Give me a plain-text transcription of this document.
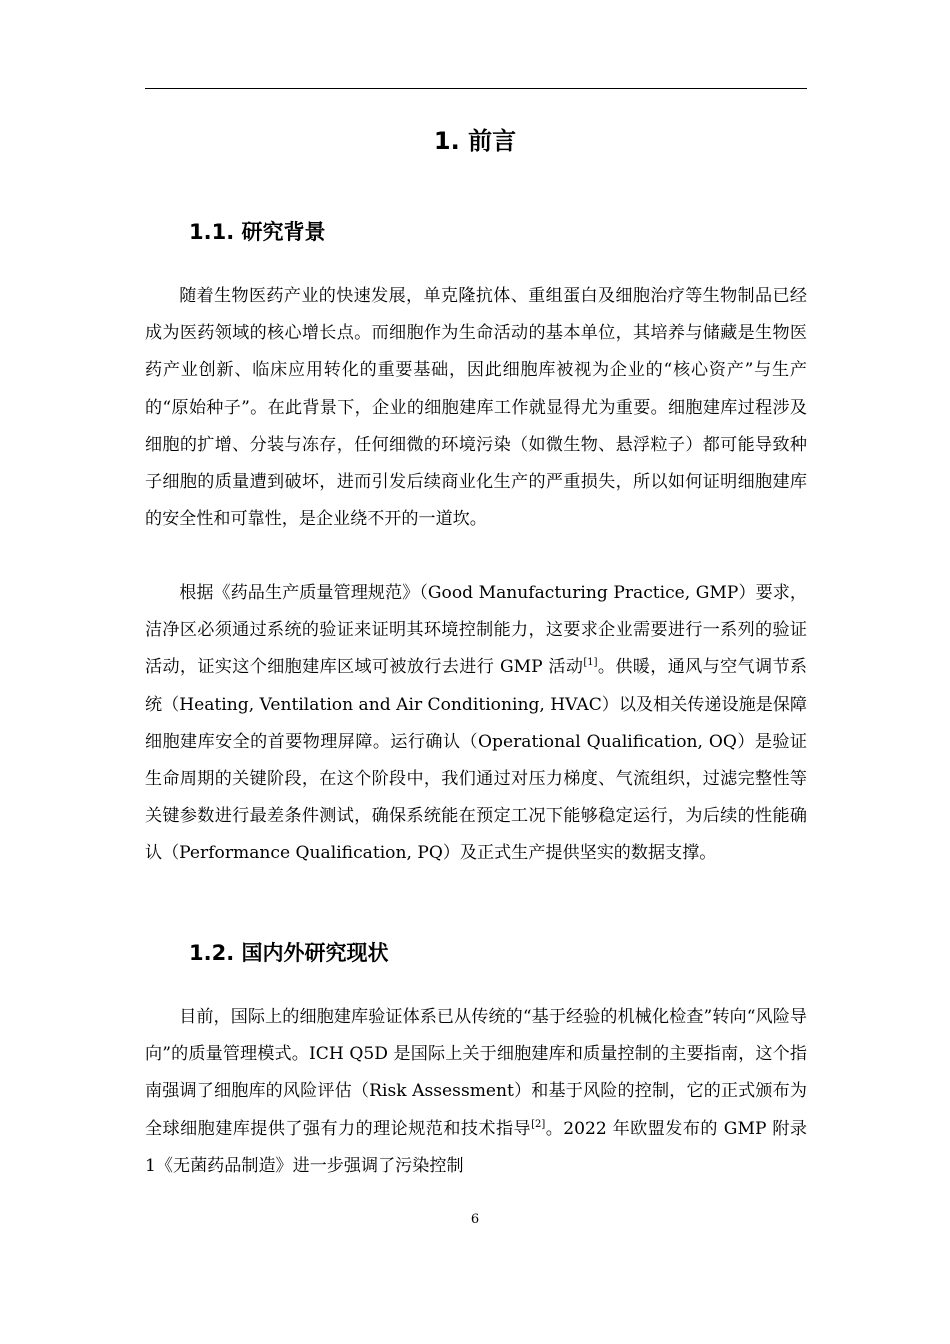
1. 前言
1.1. 研究背景

随着生物医药产业的快速发展，单克隆抗体、重组蛋白及细胞治疗等生物制品已经成为医药领域的核心增长点。而细胞作为生命活动的基本单位，其培养与储藏是生物医药产业创新、临床应用转化的重要基础，因此细胞库被视为企业的“核心资产”与生产的“原始种子”。在此背景下，企业的细胞建库工作就显得尤为重要。细胞建库过程涉及细胞的扩增、分装与冻存，任何细微的环境污染（如微生物、悬浮粒子）都可能导致种子细胞的质量遭到破坏，进而引发后续商业化生产的严重损失，所以如何证明细胞建库的安全性和可靠性，是企业绕不开的一道坎。

根据《药品生产质量管理规范》（Good Manufacturing Practice, GMP）要求，洁净区必须通过系统的验证来证明其环境控制能力，这要求企业需要进行一系列的验证活动，证实这个细胞建库区域可被放行去进行 GMP 活动[1]。供暖，通风与空气调节系统（Heating, Ventilation and Air Conditioning, HVAC）以及相关传递设施是保障细胞建库安全的首要物理屏障。运行确认（Operational Qualification, OQ）是验证生命周期的关键阶段，在这个阶段中，我们通过对压力梯度、气流组织，过滤完整性等关键参数进行最差条件测试，确保系统能在预定工况下能够稳定运行，为后续的性能确认（Performance Qualification, PQ）及正式生产提供坚实的数据支撑。

1.2. 国内外研究现状

目前，国际上的细胞建库验证体系已从传统的“基于经验的机械化检查”转向“风险导向”的质量管理模式。ICH Q5D 是国际上关于细胞建库和质量控制的主要指南，这个指南强调了细胞库的风险评估（Risk Assessment）和基于风险的控制，它的正式颁布为全球细胞建库提供了强有力的理论规范和技术指导[2]。2022 年欧盟发布的 GMP 附录 1《无菌药品制造》进一步强调了污染控制

6
